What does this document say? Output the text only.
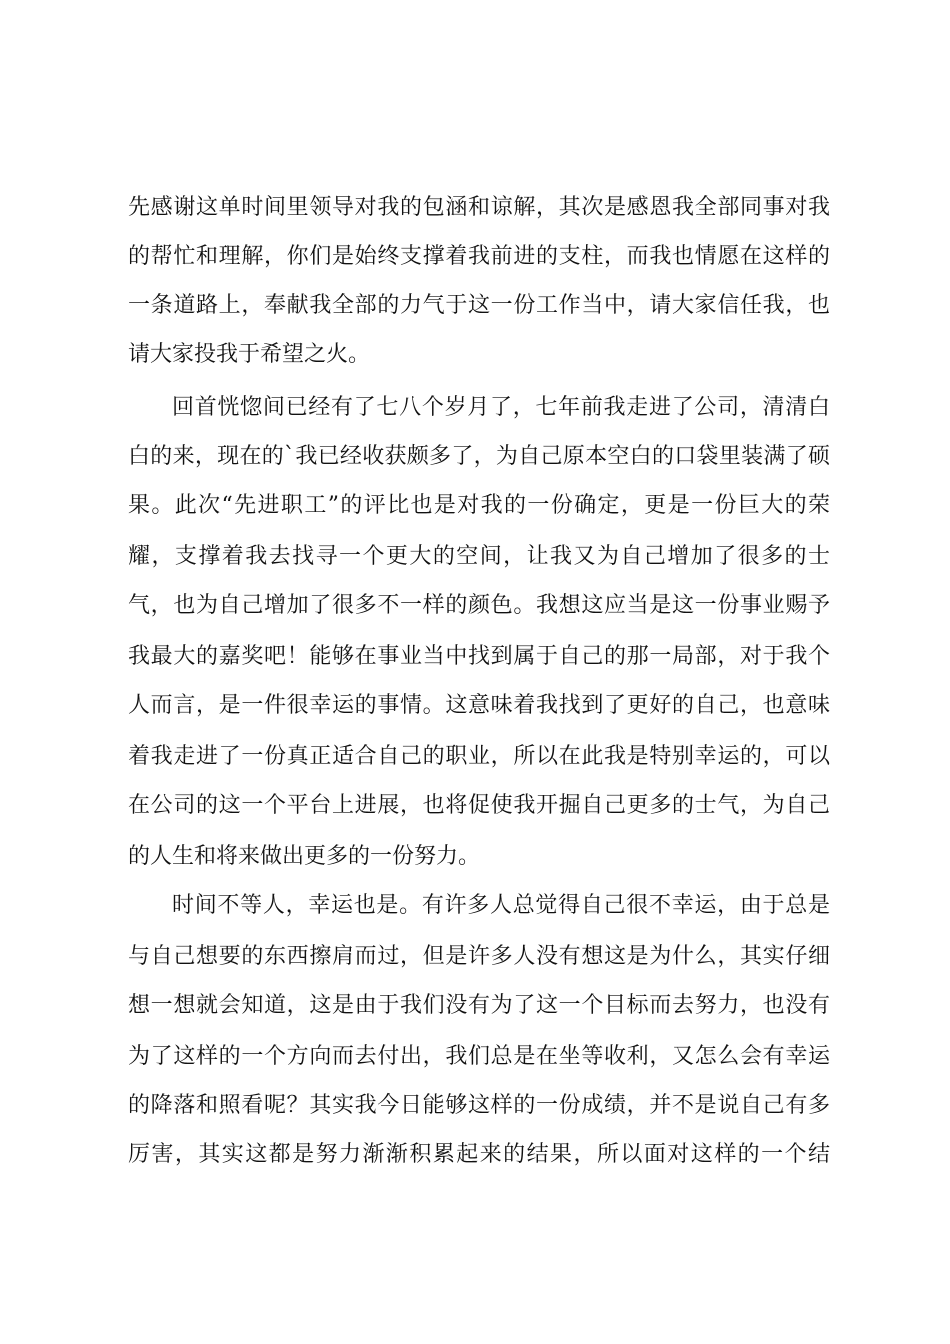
先感谢这单时间里领导对我的包涵和谅解，其次是感恩我全部同事对我
的帮忙和理解，你们是始终支撑着我前进的支柱，而我也情愿在这样的
一条道路上，奉献我全部的力气于这一份工作当中，请大家信任我，也
请大家投我于希望之火。
回首恍惚间已经有了七八个岁月了，七年前我走进了公司，清清白
白的来，现在的`我已经收获颇多了，为自己原本空白的口袋里装满了硕
果。此次“先进职工”的评比也是对我的一份确定，更是一份巨大的荣
耀，支撑着我去找寻一个更大的空间，让我又为自己增加了很多的士
气，也为自己增加了很多不一样的颜色。我想这应当是这一份事业赐予
我最大的嘉奖吧！能够在事业当中找到属于自己的那一局部，对于我个
人而言，是一件很幸运的事情。这意味着我找到了更好的自己，也意味
着我走进了一份真正适合自己的职业，所以在此我是特别幸运的，可以
在公司的这一个平台上进展，也将促使我开掘自己更多的士气，为自己
的人生和将来做出更多的一份努力。
时间不等人，幸运也是。有许多人总觉得自己很不幸运，由于总是
与自己想要的东西擦肩而过，但是许多人没有想这是为什么，其实仔细
想一想就会知道，这是由于我们没有为了这一个目标而去努力，也没有
为了这样的一个方向而去付出，我们总是在坐等收利，又怎么会有幸运
的降落和照看呢？其实我今日能够这样的一份成绩，并不是说自己有多
厉害，其实这都是努力渐渐积累起来的结果，所以面对这样的一个结
